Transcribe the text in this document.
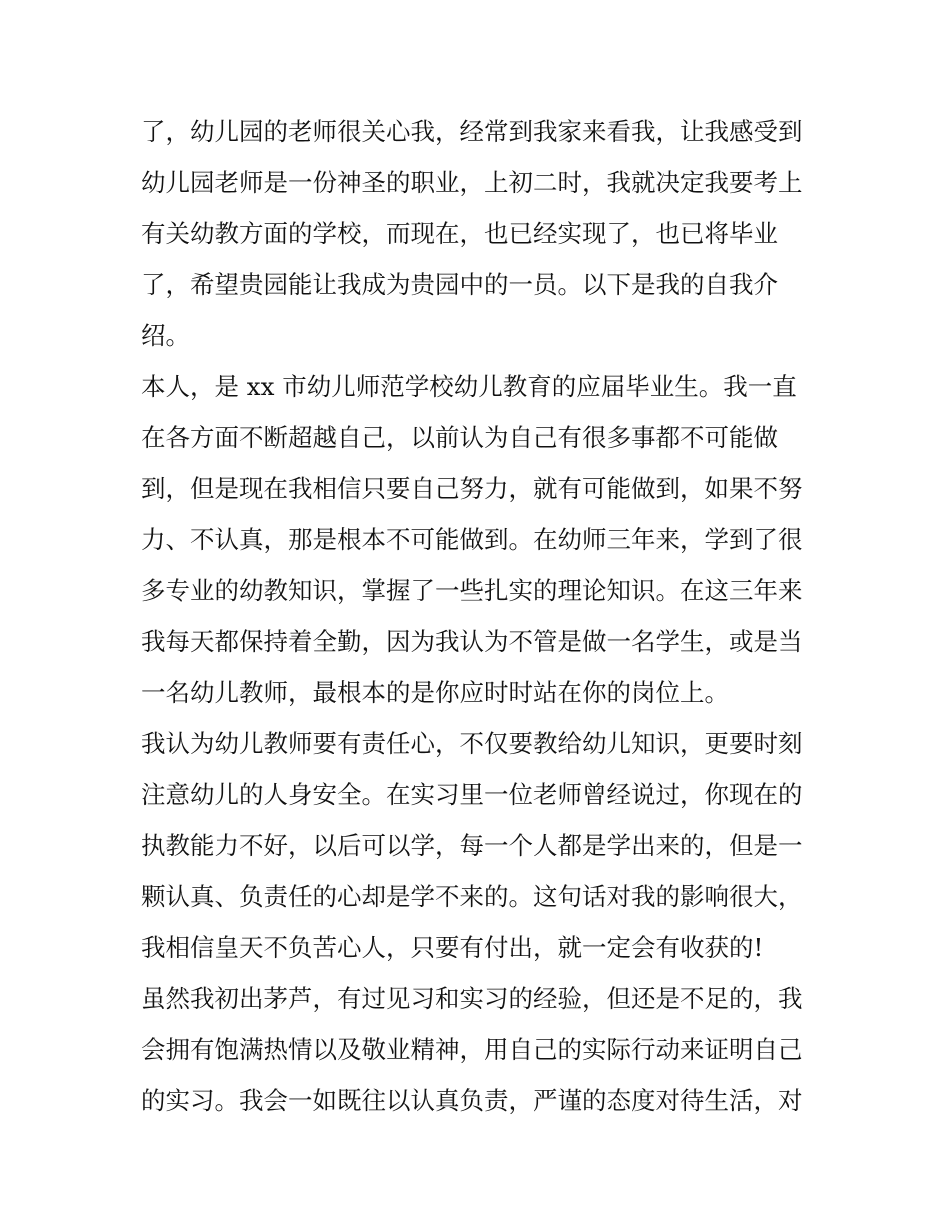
了，幼儿园的老师很关心我，经常到我家来看我，让我感受到
幼儿园老师是一份神圣的职业，上初二时，我就决定我要考上
有关幼教方面的学校，而现在，也已经实现了，也已将毕业
了，希望贵园能让我成为贵园中的一员。以下是我的自我介
绍。
本人，是 xx 市幼儿师范学校幼儿教育的应届毕业生。我一直
在各方面不断超越自己，以前认为自己有很多事都不可能做
到，但是现在我相信只要自己努力，就有可能做到，如果不努
力、不认真，那是根本不可能做到。在幼师三年来，学到了很
多专业的幼教知识，掌握了一些扎实的理论知识。在这三年来
我每天都保持着全勤，因为我认为不管是做一名学生，或是当
一名幼儿教师，最根本的是你应时时站在你的岗位上。
我认为幼儿教师要有责任心，不仅要教给幼儿知识，更要时刻
注意幼儿的人身安全。在实习里一位老师曾经说过，你现在的
执教能力不好，以后可以学，每一个人都是学出来的，但是一
颗认真、负责任的心却是学不来的。这句话对我的影响很大，
我相信皇天不负苦心人，只要有付出，就一定会有收获的!
虽然我初出茅芦，有过见习和实习的经验，但还是不足的，我
会拥有饱满热情以及敬业精神，用自己的实际行动来证明自己
的实习。我会一如既往以认真负责，严谨的态度对待生活，对
